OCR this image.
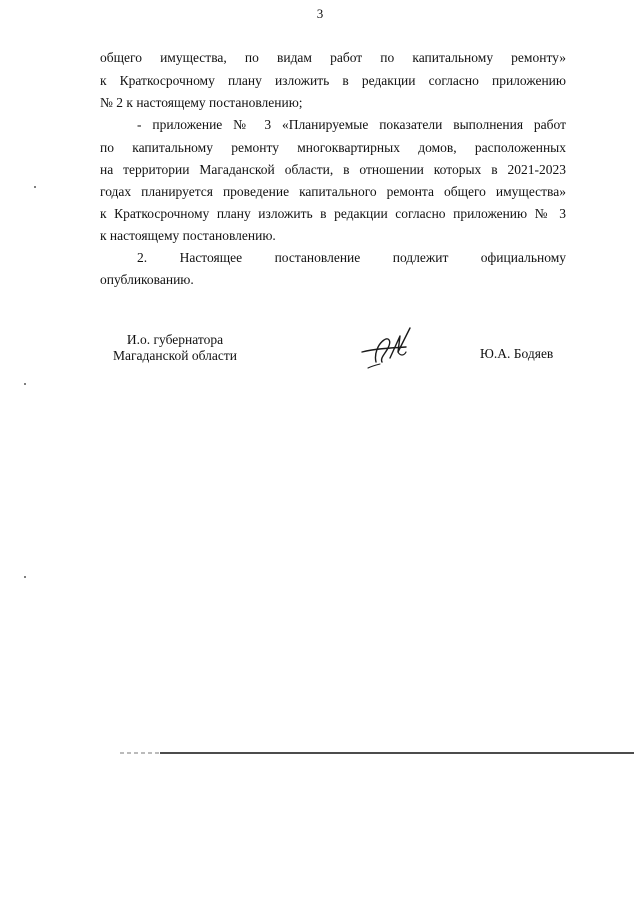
3
общего имущества, по видам работ по капитальному ремонту»
к Краткосрочному плану изложить в редакции согласно приложению
№ 2 к настоящему постановлению;
- приложение № 3 «Планируемые показатели выполнения работ
по капитальному ремонту многоквартирных домов, расположенных
на территории Магаданской области, в отношении которых в 2021-2023
годах планируется проведение капитального ремонта общего имущества»
к Краткосрочному плану изложить в редакции согласно приложению № 3
к настоящему постановлению.
2. Настоящее постановление подлежит официальному
опубликованию.
И.о. губернатора
Магаданской области	Ю.А. Бодяев
